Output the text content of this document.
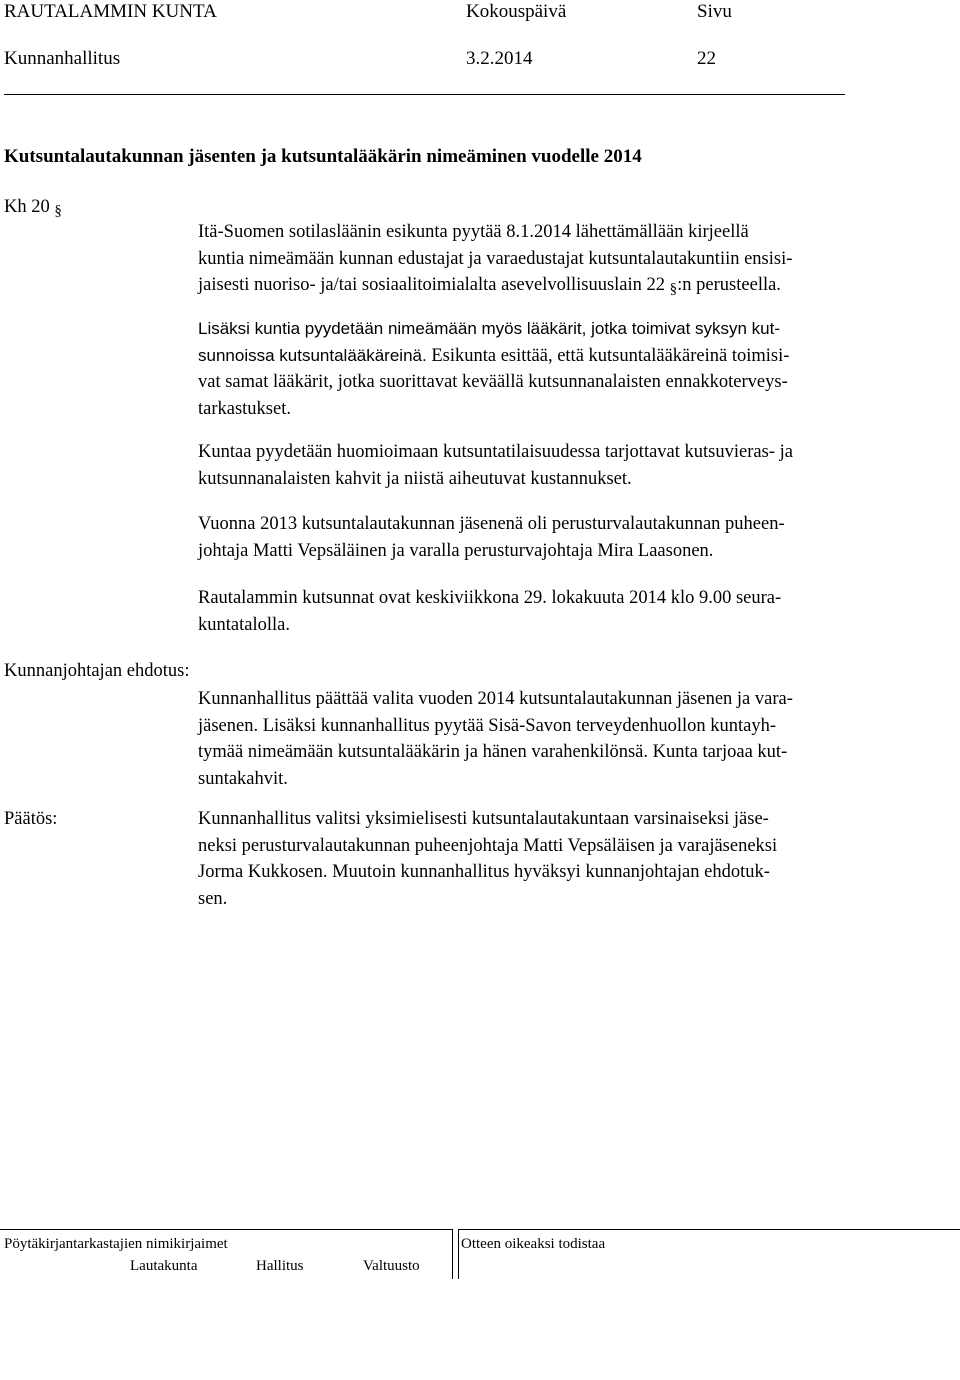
RAUTALAMMIN KUNTA	Kokouspäivä	Sivu
Kunnanhallitus	3.2.2014	22
Kutsuntalautakunnan jäsenten ja kutsuntalääkärin nimeäminen vuodelle 2014
Kh 20 §
Itä-Suomen sotilasläänin esikunta pyytää 8.1.2014 lähettämällään kirjeellä
kuntia nimeämään kunnan edustajat ja varaedustajat kutsuntalautakuntiin ensisi-
jaisesti nuoriso- ja/tai sosiaalitoimialalta asevelvollisuuslain 22 §:n perusteella.
Lisäksi kuntia pyydetään nimeämään myös lääkärit, jotka toimivat syksyn kut-
sunnoissa kutsuntalääkäreinä. Esikunta esittää, että kutsuntalääkäreinä toimisi-
vat samat lääkärit, jotka suorittavat keväällä kutsunnanalaisten ennakkoterveys-
tarkastukset.
Kuntaa pyydetään huomioimaan kutsuntatilaisuudessa tarjottavat kutsuvieras- ja
kutsunnanalaisten kahvit ja niistä aiheutuvat kustannukset.
Vuonna 2013 kutsuntalautakunnan jäsenenä oli perusturvalautakunnan puheen-
johtaja Matti Vepsäläinen ja varalla perusturvajohtaja Mira Laasonen.
Rautalammin kutsunnat ovat keskiviikkona 29. lokakuuta 2014 klo 9.00 seura-
kuntatalolla.
Kunnanjohtajan ehdotus:
Kunnanhallitus päättää valita vuoden 2014 kutsuntalautakunnan jäsenen ja vara-
jäsenen. Lisäksi kunnanhallitus pyytää Sisä-Savon terveydenhuollon kuntayh-
tymää nimeämään kutsuntalääkärin ja hänen varahenkilönsä. Kunta tarjoaa kut-
suntakahvit.
Päätös:	Kunnanhallitus valitsi yksimielisesti kutsuntalautakuntaan varsinaiseksi jäse-
neksi perusturvalautakunnan puheenjohtaja Matti Vepsäläisen ja varajäseneksi
Jorma Kukkosen. Muutoin kunnanhallitus hyväksyi kunnanjohtajan ehdotuk-
sen.
Pöytäkirjantarkastajien nimikirjaimet
Lautakunta	Hallitus	Valtuusto
Otteen oikeaksi todistaa
